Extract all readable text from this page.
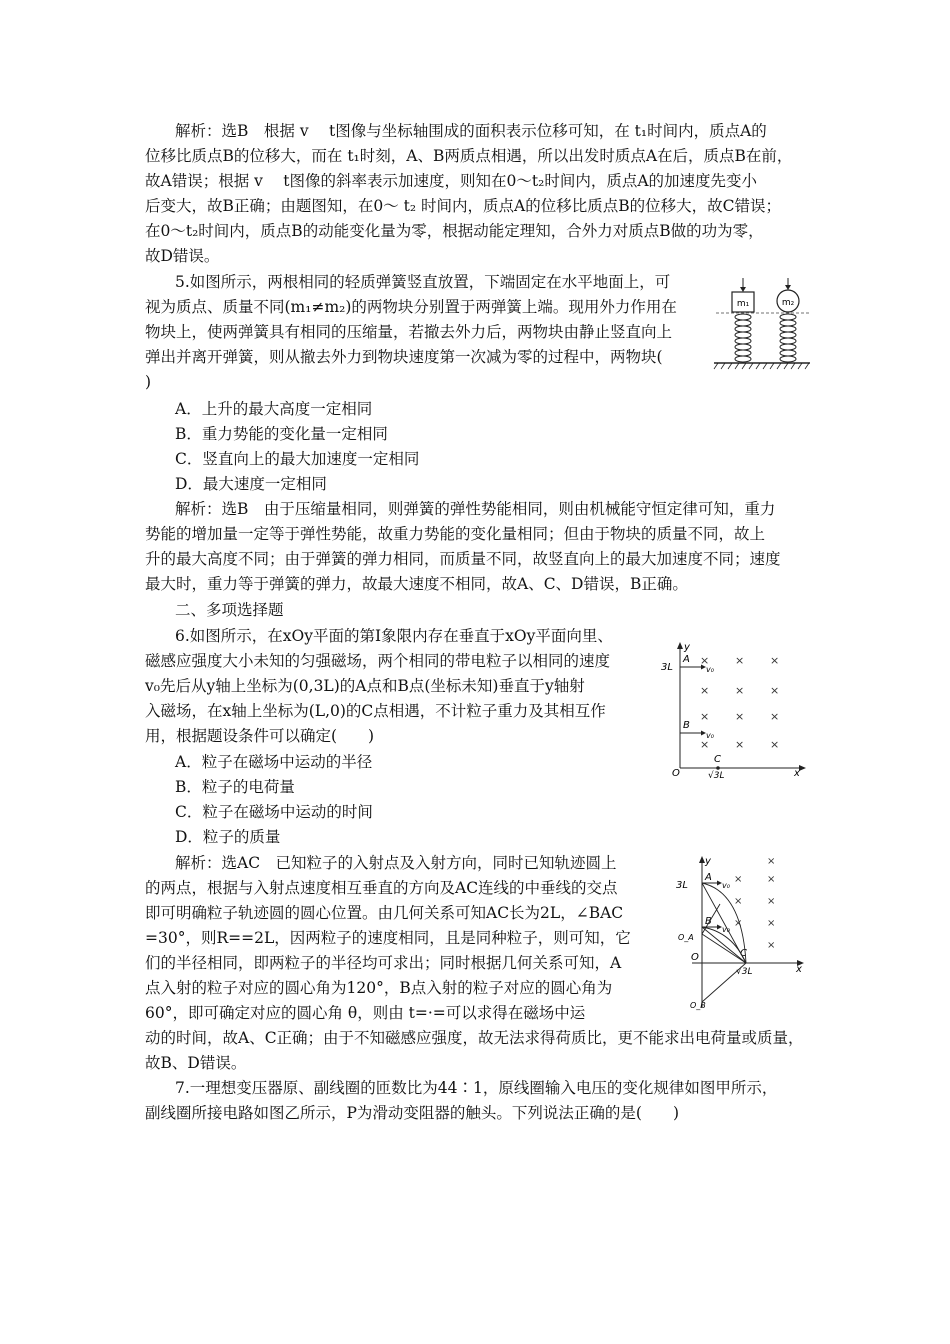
解析：选B　根据 v　 t图像与坐标轴围成的面积表示位移可知，在 t₁时间内，质点A的

位移比质点B的位移大，而在 t₁时刻，A、B两质点相遇，所以出发时质点A在后，质点B在前，

故A错误；根据 v　 t图像的斜率表示加速度，则知在0～t₂时间内，质点A的加速度先变小

后变大，故B正确；由题图知，在0～ t₂ 时间内，质点A的位移比质点B的位移大，故C错误；

在0～t₂时间内，质点B的动能变化量为零，根据动能定理知，合外力对质点B做的功为零，

故D错误。

5.如图所示，两根相同的轻质弹簧竖直放置，下端固定在水平地面上，可

视为质点、质量不同(m₁≠m₂)的两物块分别置于两弹簧上端。现用外力作用在

物块上，使两弹簧具有相同的压缩量，若撤去外力后，两物块由静止竖直向上

弹出并离开弹簧，则从撤去外力到物块速度第一次减为零的过程中，两物块(

)

A．上升的最大高度一定相同
B．重力势能的变化量一定相同
C．竖直向上的最大加速度一定相同
D．最大速度一定相同
m₁	m₂

解析：选B　由于压缩量相同，则弹簧的弹性势能相同，则由机械能守恒定律可知，重力

势能的增加量一定等于弹性势能，故重力势能的变化量相同；但由于物块的质量不同，故上

升的最大高度不同；由于弹簧的弹力相同，而质量不同，故竖直向上的最大加速度不同；速度

最大时，重力等于弹簧的弹力，故最大速度不相同，故A、C、D错误，B正确。

二、多项选择题

6.如图所示，在xOy平面的第Ⅰ象限内存在垂直于xOy平面向里、

磁感应强度大小未知的匀强磁场，两个相同的带电粒子以相同的速度

v₀先后从y轴上坐标为(0,3L)的A点和B点(坐标未知)垂直于y轴射

入磁场，在x轴上坐标为(L,0)的C点相遇，不计粒子重力及其相互作

用，根据题设条件可以确定(　　)

A．粒子在磁场中运动的半径
B．粒子的电荷量
C．粒子在磁场中运动的时间
D．粒子的质量
y
x
O
3L
A
v₀
B
v₀
C
√3L
× × ×
× × ×
× × ×
× × ×

解析：选AC　已知粒子的入射点及入射方向，同时已知轨迹圆上

的两点，根据与入射点速度相互垂直的方向及AC连线的中垂线的交点

即可明确粒子轨迹圆的圆心位置。由几何关系可知AC长为2L，∠BAC

=30°，则R==2L，因两粒子的速度相同，且是同种粒子，则可知，它

们的半径相同，即两粒子的半径均可求出；同时根据几何关系可知，A

点入射的粒子对应的圆心角为120°，B点入射的粒子对应的圆心角为

60°，即可确定对应的圆心角 θ，则由 t=·=可以求得在磁场中运

动的时间，故A、C正确；由于不知磁感应强度，故无法求得荷质比，更不能求出电荷量或质量，

故B、D错误。

y
x
O
3L
A
v₀
B
v₀
O_A
O_B
C
√3L
× ×
× ×
× ×
×
×

7.一理想变压器原、副线圈的匝数比为44∶1，原线圈输入电压的变化规律如图甲所示，

副线圈所接电路如图乙所示，P为滑动变阻器的触头。下列说法正确的是(　　)
